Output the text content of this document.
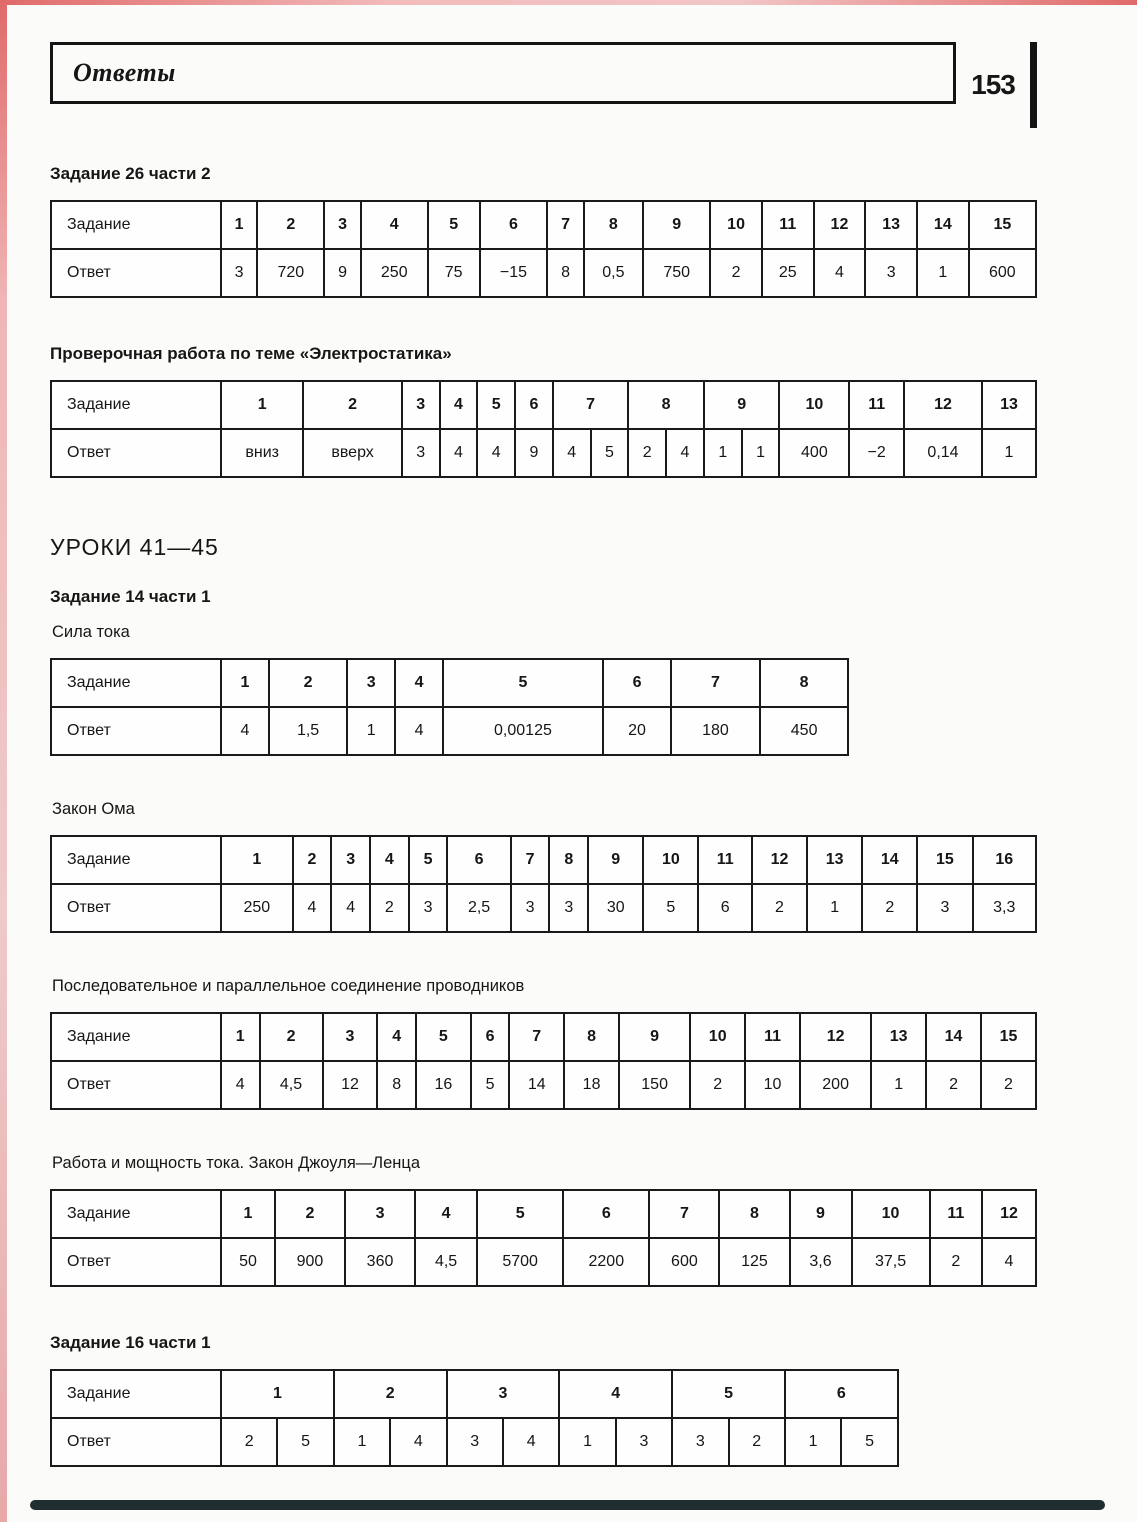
Ответы	153
Задание 26 части 2
Задание	1	2	3	4	5	6	7	8	9	10	11	12	13	14	15
Ответ	3	720	9	250	75	−15	8	0,5	750	2	25	4	3	1	600
Проверочная работа по теме «Электростатика»
Задание	1	2	3	4	5	6	7		8		9		10	11	12	13
Ответ	вниз	вверх	3	4	4	9	4	5	2	4	1	1	400	−2	0,14	1
УРОКИ 41—45
Задание 14 части 1
Сила тока
Задание	1	2	3	4	5	6	7	8
Ответ	4	1,5	1	4	0,00125	20	180	450
Закон Ома
Задание	1	2	3	4	5	6	7	8	9	10	11	12	13	14	15	16
Ответ	250	4	4	2	3	2,5	3	3	30	5	6	2	1	2	3	3,3
Последовательное и параллельное соединение проводников
Задание	1	2	3	4	5	6	7	8	9	10	11	12	13	14	15
Ответ	4	4,5	12	8	16	5	14	18	150	2	10	200	1	2	2
Работа и мощность тока. Закон Джоуля—Ленца
Задание	1	2	3	4	5	6	7	8	9	10	11	12
Ответ	50	900	360	4,5	5700	2200	600	125	3,6	37,5	2	4
Задание 16 части 1
Задание	1		2		3		4		5		6	
Ответ	2	5	1	4	3	4	1	3	3	2	1	5
